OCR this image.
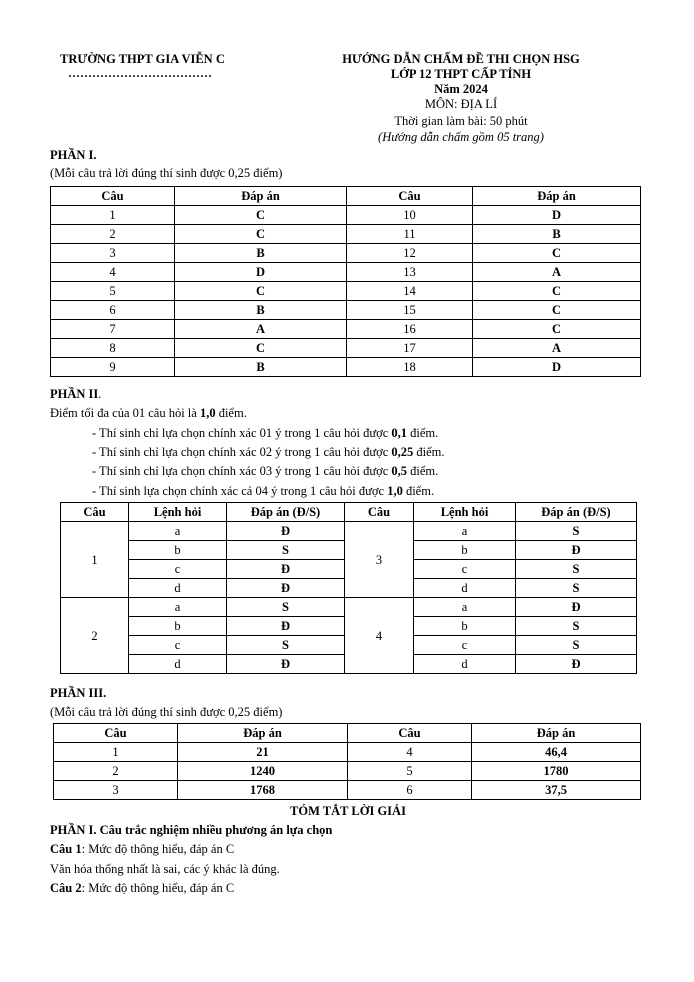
TRƯỜNG THPT GIA VIỄN C
………………………………
HƯỚNG DẪN CHẤM ĐỀ THI CHỌN HSG
LỚP 12 THPT CẤP TỈNH
Năm 2024
MÔN: ĐỊA LÍ
Thời gian làm bài: 50 phút
(Hướng dẫn chấm gồm 05 trang)
PHẦN I.
(Mỗi câu trả lời đúng thí sinh được 0,25 điểm)
Câu	Đáp án	Câu	Đáp án
1	C	10	D
2	C	11	B
3	B	12	C
4	D	13	A
5	C	14	C
6	B	15	C
7	A	16	C
8	C	17	A
9	B	18	D
PHẦN II.
Điểm tối đa của 01 câu hỏi là 1,0 điểm.
- Thí sinh chỉ lựa chọn chính xác 01 ý trong 1 câu hỏi được 0,1 điểm.
- Thí sinh chỉ lựa chọn chính xác 02 ý trong 1 câu hỏi được 0,25 điểm.
- Thí sinh chỉ lựa chọn chính xác 03 ý trong 1 câu hỏi được 0,5 điểm.
- Thí sinh lựa chọn chính xác cả 04 ý trong 1 câu hỏi được 1,0 điểm.
Câu	Lệnh hỏi	Đáp án (Đ/S)	Câu	Lệnh hỏi	Đáp án (Đ/S)
1	a	Đ	3	a	S
	b	S		b	Đ
	c	Đ		c	S
	d	Đ		d	S
2	a	S	4	a	Đ
	b	Đ		b	S
	c	S		c	S
	d	Đ		d	Đ
PHẦN III.
(Mỗi câu trả lời đúng thí sinh được 0,25 điểm)
Câu	Đáp án	Câu	Đáp án
1	21	4	46,4
2	1240	5	1780
3	1768	6	37,5
TÓM TẮT LỜI GIẢI
PHẦN I. Câu trắc nghiệm nhiều phương án lựa chọn
Câu 1: Mức độ thông hiểu, đáp án C
Văn hóa thống nhất là sai, các ý khác là đúng.
Câu 2: Mức độ thông hiểu, đáp án C
